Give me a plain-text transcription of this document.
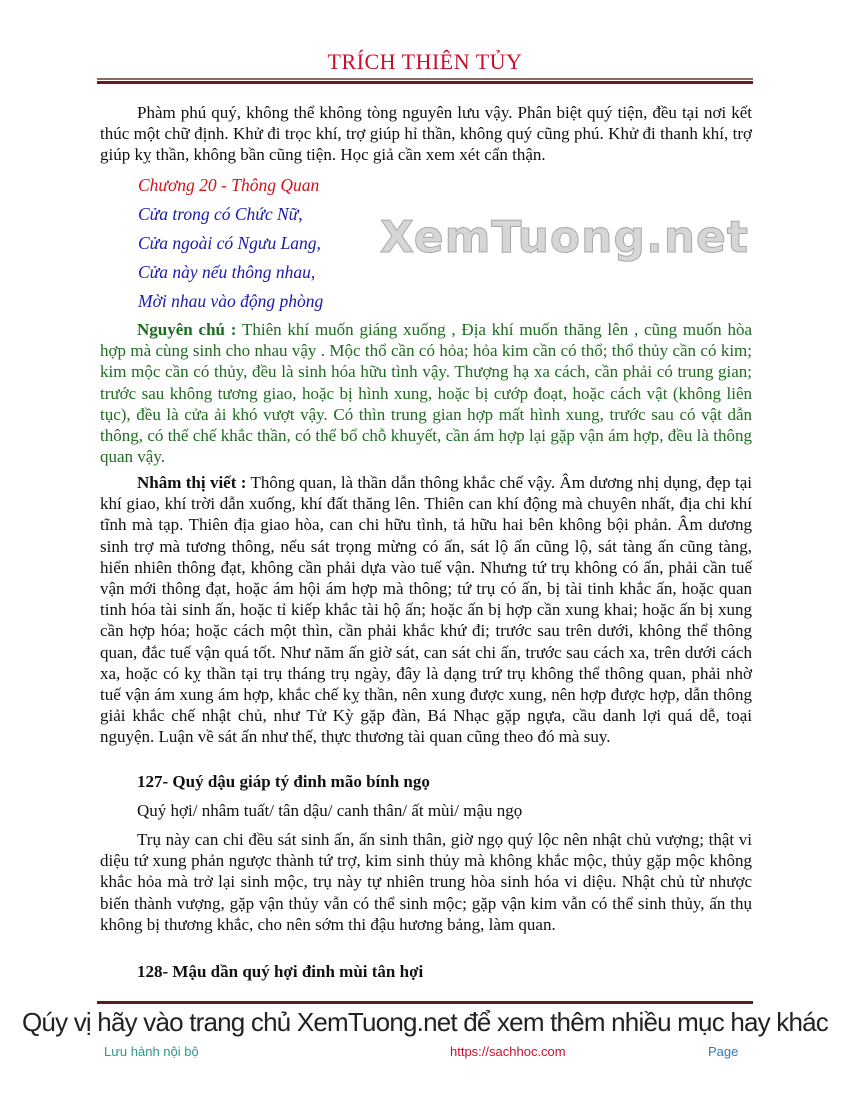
TRÍCH THIÊN TỦY
Phàm phú quý, không thể không tòng nguyên lưu vậy. Phân biệt quý tiện, đều tại nơi kết thúc một chữ định. Khử đi trọc khí, trợ giúp hỉ thần, không quý cũng phú. Khử đi thanh khí, trợ giúp kỵ thần, không bần cũng tiện. Học giả cần xem xét cẩn thận.
Chương 20 - Thông Quan
Cửa trong có Chức Nữ,
Cửa ngoài có Ngưu Lang,
Cửa này nếu thông nhau,
Mời nhau vào động phòng
XemTuong.net
Nguyên chú : Thiên khí muốn giáng xuống , Địa khí muốn thăng lên , cũng muốn hòa hợp mà cùng sinh cho nhau vậy . Mộc thổ cần có hỏa; hỏa kim cần có thổ; thổ thủy cần có kim; kim mộc cần có thủy, đều là sinh hóa hữu tình vậy. Thượng hạ xa cách, cần phải có trung gian; trước sau không tương giao, hoặc bị hình xung, hoặc bị cướp đoạt, hoặc cách vật (không liên tục), đều là cửa ải khó vượt vậy. Có thìn trung gian hợp mất hình xung, trước sau có vật dẫn thông, có thể chế khắc thần, có thể bổ chỗ khuyết, cần ám hợp lại gặp vận ám hợp, đều là thông quan vậy.
Nhâm thị viết : Thông quan, là thần dẫn thông khắc chế vậy. Âm dương nhị dụng, đẹp tại khí giao, khí trời dẫn xuống, khí đất thăng lên. Thiên can khí động mà chuyên nhất, địa chi khí tĩnh mà tạp. Thiên địa giao hòa, can chi hữu tình, tả hữu hai bên không bội phản. Âm dương sinh trợ mà tương thông, nếu sát trọng mừng có ấn, sát lộ ấn cũng lộ, sát tàng ấn cũng tàng, hiển nhiên thông đạt, không cần phải dựa vào tuế vận. Nhưng tứ trụ không có ấn, phải cần tuế vận mới thông đạt, hoặc ám hội ám hợp mà thông; tứ trụ có ấn, bị tài tinh khắc ấn, hoặc quan tinh hóa tài sinh ấn, hoặc tỉ kiếp khắc tài hộ ấn; hoặc ấn bị hợp cần xung khai; hoặc ấn bị xung cần hợp hóa; hoặc cách một thìn, cần phải khắc khứ đi; trước sau trên dưới, không thể thông quan, đắc tuế vận quá tốt. Như năm ấn giờ sát, can sát chi ấn, trước sau cách xa, trên dưới cách xa, hoặc có kỵ thần tại trụ tháng trụ ngày, đây là dạng trứ trụ không thể thông quan, phải nhờ tuế vận ám xung ám hợp, khắc chế kỵ thần, nên xung được xung, nên hợp được hợp, dẫn thông giải khắc chế nhật chủ, như Tử Kỳ gặp đàn, Bá Nhạc gặp ngựa, cầu danh lợi quá dễ, toại nguyện. Luận về sát ấn như thế, thực thương tài quan cũng theo đó mà suy.
127- Quý dậu giáp tý đinh mão bính ngọ
Quý hợi/ nhâm tuất/ tân dậu/ canh thân/ ất mùi/ mậu ngọ
Trụ này can chi đều sát sinh ấn, ấn sinh thân, giờ ngọ quý lộc nên nhật chủ vượng; thật vi diệu tứ xung phản ngược thành tứ trợ, kim sinh thủy mà không khắc mộc, thủy gặp mộc không khắc hỏa mà trở lại sinh mộc, trụ này tự nhiên trung hòa sinh hóa vi diệu. Nhật chủ từ nhược biến thành vượng, gặp vận thủy vẫn có thể sinh mộc; gặp vận kim vẫn có thể sinh thủy, ấn thụ không bị thương khắc, cho nên sớm thi đậu hương bảng, làm quan.
128- Mậu dần quý hợi đinh mùi tân hợi
Qúy vị hãy vào trang chủ XemTuong.net để xem thêm nhiều mục hay khác
Lưu hành nội bộ	https://sachhoc.com	Page
